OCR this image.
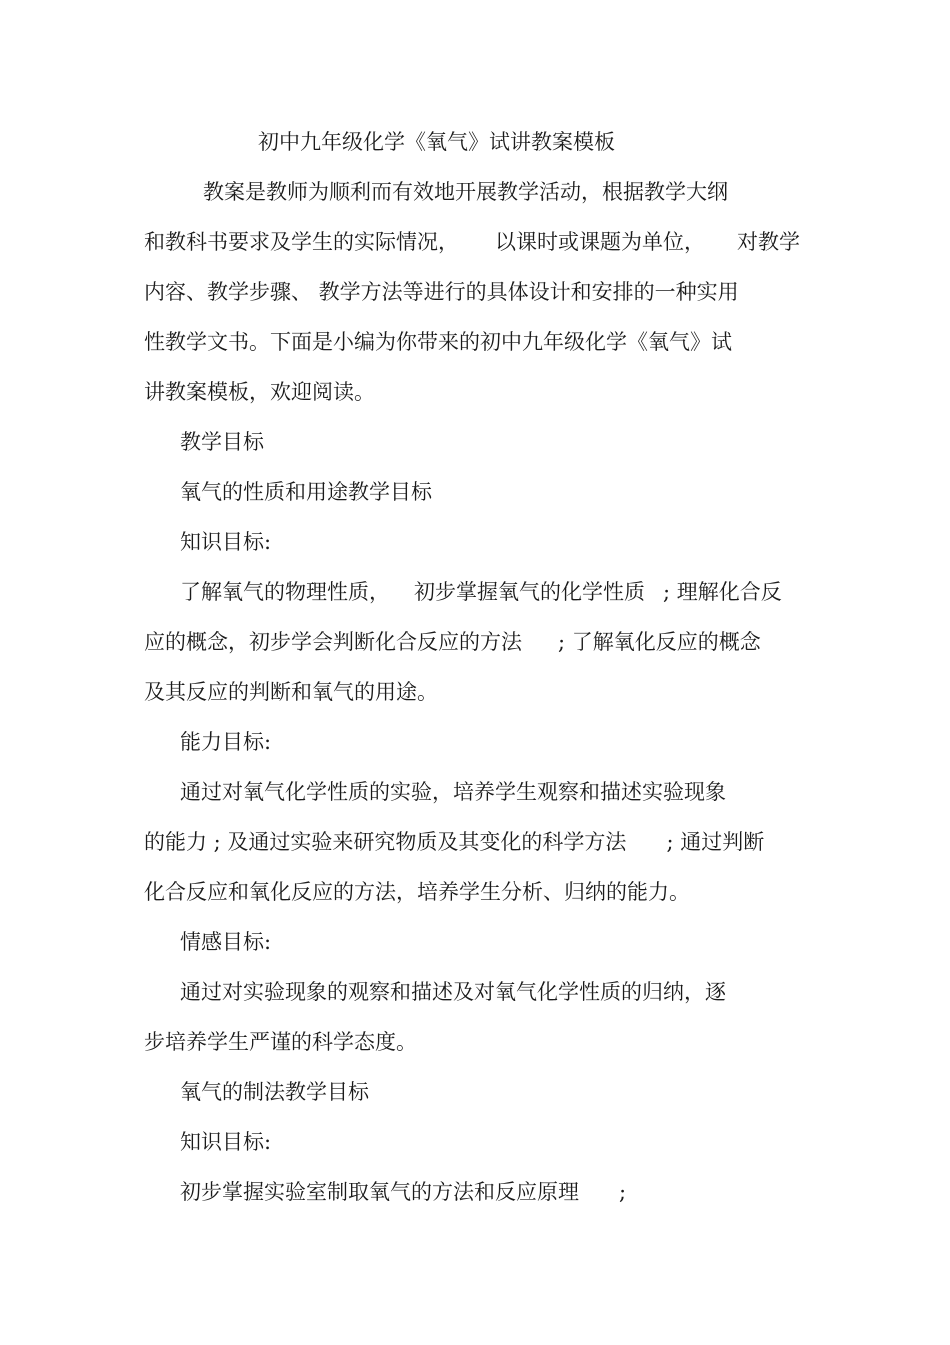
初中九年级化学《氧气》试讲教案模板
教案是教师为顺利而有效地开展教学活动，根据教学大纲
和教科书要求及学生的实际情况， 以课时或课题为单位， 对教学
内容、教学步骤、 教学方法等进行的具体设计和安排的一种实用
性教学文书。下面是小编为你带来的初中九年级化学《氧气》试
讲教案模板，欢迎阅读。
教学目标
氧气的性质和用途教学目标
知识目标:
了解氧气的物理性质， 初步掌握氧气的化学性质 ; 理解化合反
应的概念，初步学会判断化合反应的方法 ; 了解氧化反应的概念
及其反应的判断和氧气的用途。
能力目标:
通过对氧气化学性质的实验，培养学生观察和描述实验现象
的能力 ; 及通过实验来研究物质及其变化的科学方法 ; 通过判断
化合反应和氧化反应的方法，培养学生分析、归纳的能力。
情感目标:
通过对实验现象的观察和描述及对氧气化学性质的归纳，逐
步培养学生严谨的科学态度。
氧气的制法教学目标
知识目标:
初步掌握实验室制取氧气的方法和反应原理 ;
